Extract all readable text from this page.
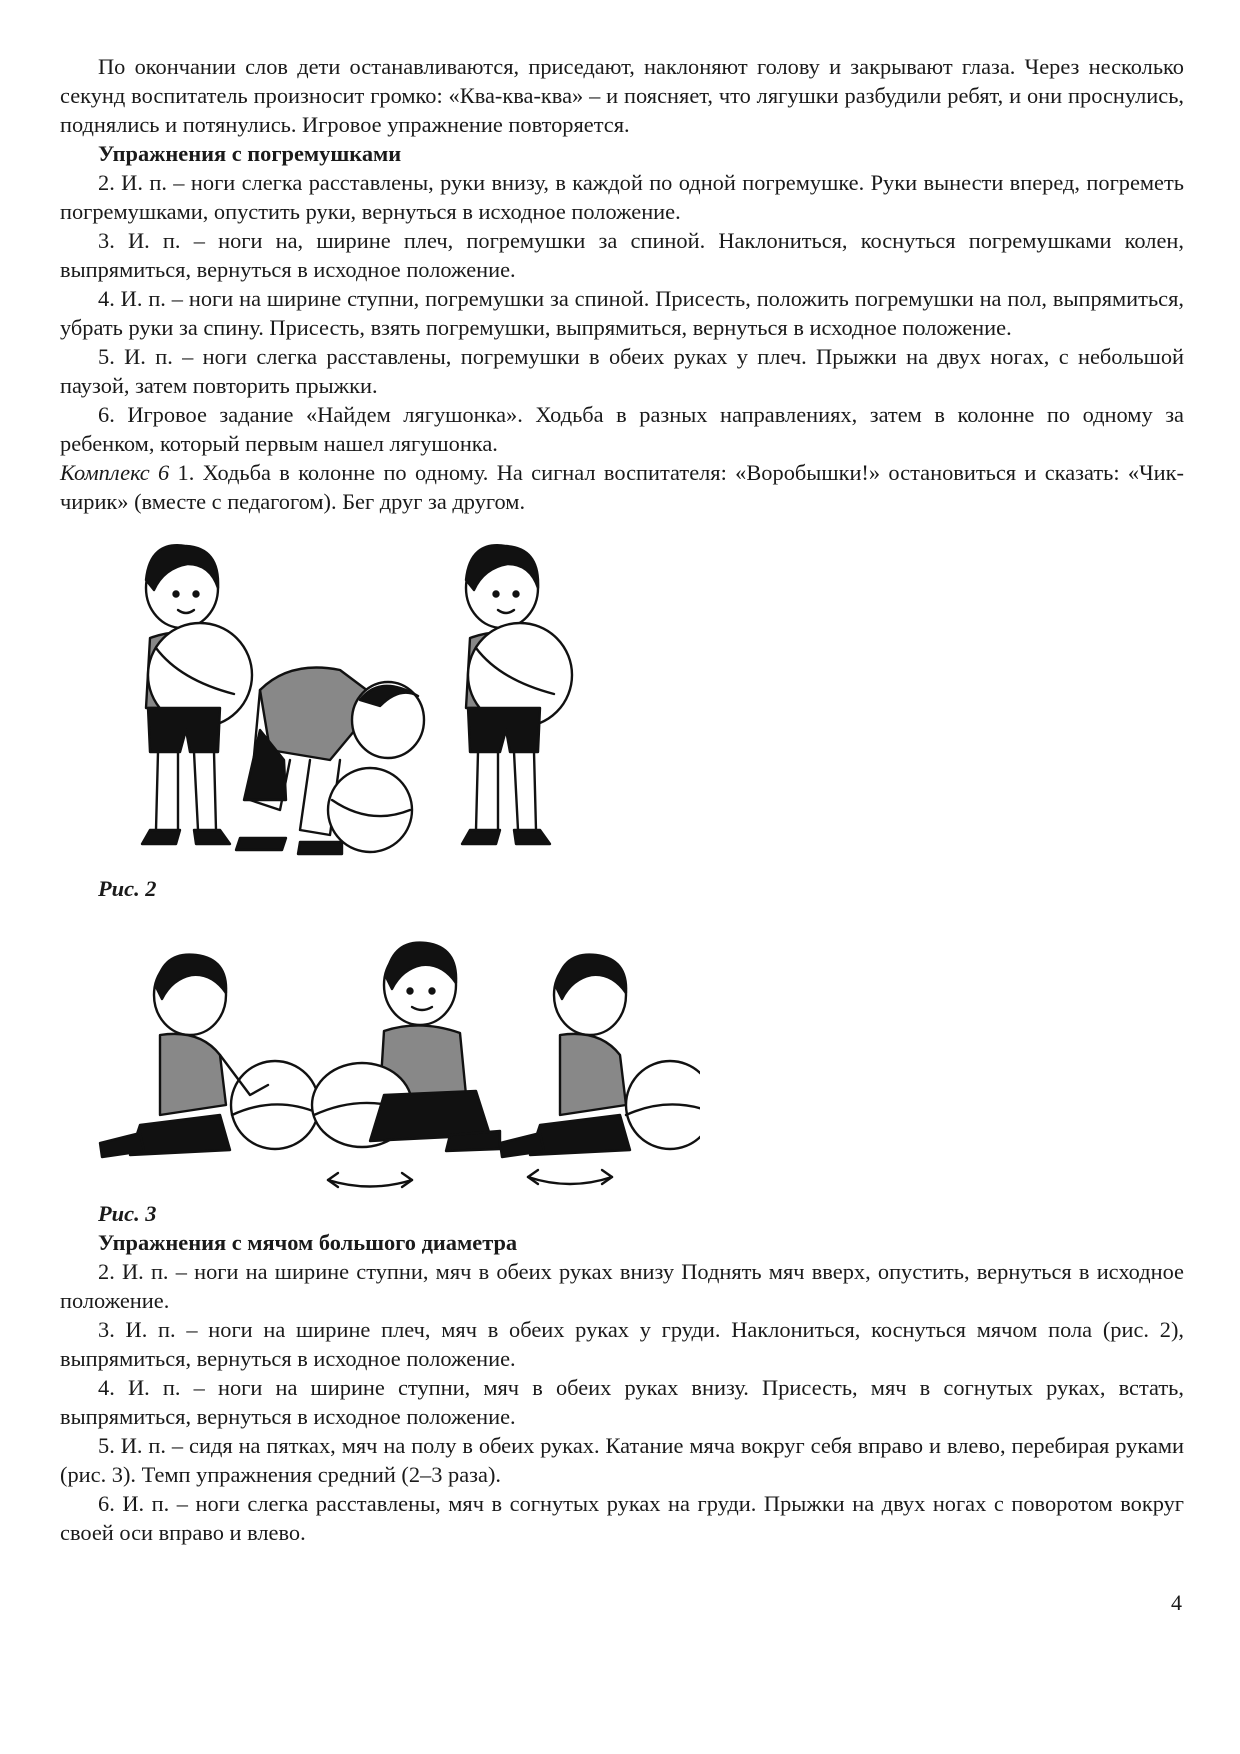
По окончании слов дети останавливаются, приседают, наклоняют голову и закрывают глаза. Через несколько секунд воспитатель произносит громко: «Ква-ква-ква» – и поясняет, что лягушки разбудили ребят, и они проснулись, поднялись и потянулись. Игровое упражнение повторяется.

Упражнения с погремушками

2. И. п. – ноги слегка расставлены, руки внизу, в каждой по одной погремушке. Руки вынести вперед, погреметь погремушками, опустить руки, вернуться в исходное положение.

3. И. п. – ноги на, ширине плеч, погремушки за спиной. Наклониться, коснуться погремушками колен, выпрямиться, вернуться в исходное положение.

4. И. п. – ноги на ширине ступни, погремушки за спиной. Присесть, положить погремушки на пол, выпрямиться, убрать руки за спину. Присесть, взять погремушки, выпрямиться, вернуться в исходное положение.

5. И. п. – ноги слегка расставлены, погремушки в обеих руках у плеч. Прыжки на двух ногах, с небольшой паузой, затем повторить прыжки.

6. Игровое задание «Найдем лягушонка». Ходьба в разных направлениях, затем в колонне по одному за ребенком, который первым нашел лягушонка.

Комплекс 6 1. Ходьба в колонне по одному. На сигнал воспитателя: «Воробышки!» остановиться и сказать: «Чик-чирик» (вместе с педагогом). Бег друг за другом.

Рис. 2

Рис. 3

Упражнения с мячом большого диаметра

2. И. п. – ноги на ширине ступни, мяч в обеих руках внизу Поднять мяч вверх, опустить, вернуться в исходное положение.

3. И. п. – ноги на ширине плеч, мяч в обеих руках у груди. Наклониться, коснуться мячом пола (рис. 2), выпрямиться, вернуться в исходное положение.

4. И. п. – ноги на ширине ступни, мяч в обеих руках внизу. Присесть, мяч в согнутых руках, встать, выпрямиться, вернуться в исходное положение.

5. И. п. – сидя на пятках, мяч на полу в обеих руках. Катание мяча вокруг себя вправо и влево, перебирая руками (рис. 3). Темп упражнения средний (2–3 раза).

6. И. п. – ноги слегка расставлены, мяч в согнутых руках на груди. Прыжки на двух ногах с поворотом вокруг своей оси вправо и влево.

4
